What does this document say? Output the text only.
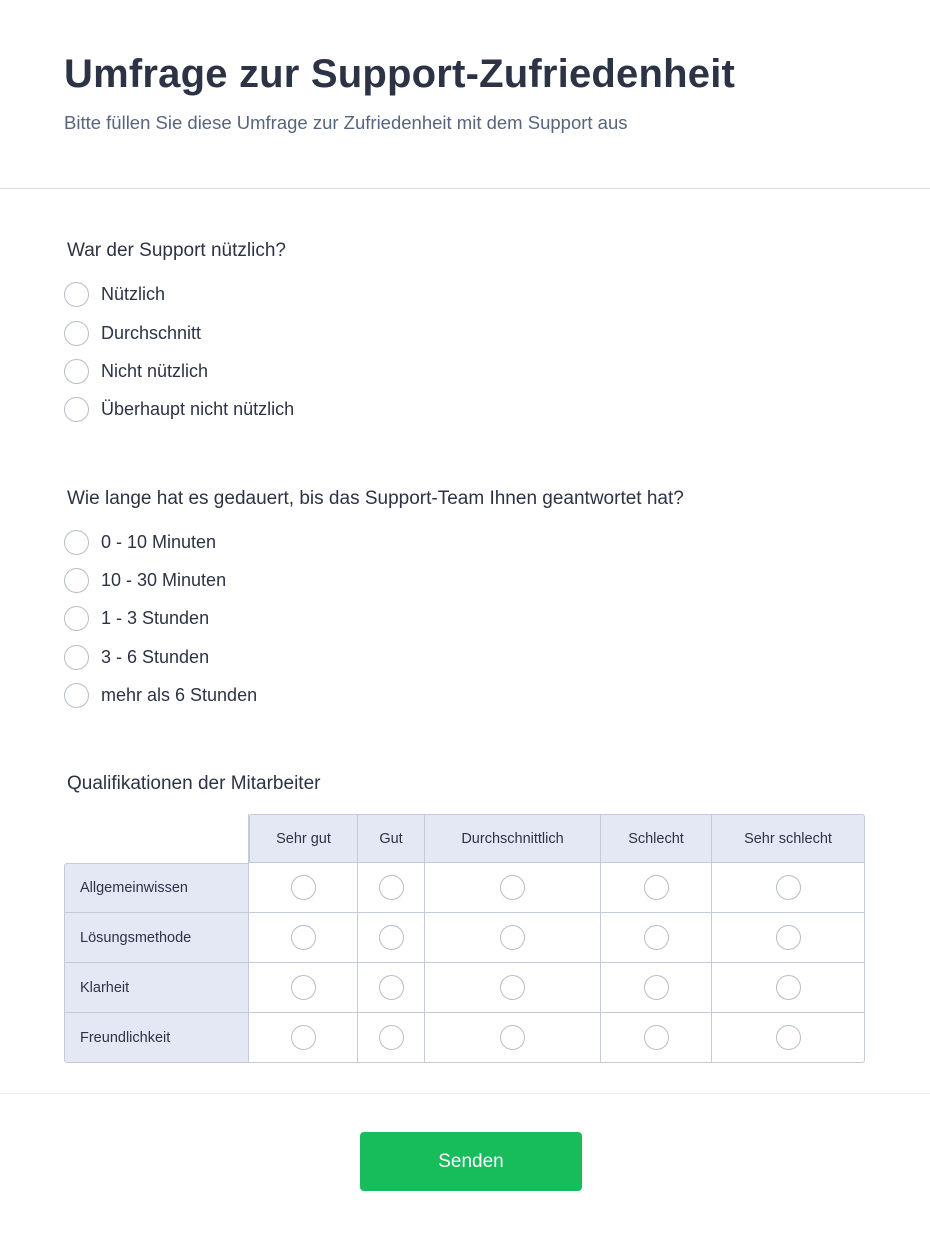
Umfrage zur Support-Zufriedenheit
Bitte füllen Sie diese Umfrage zur Zufriedenheit mit dem Support aus
War der Support nützlich?
Nützlich
Durchschnitt
Nicht nützlich
Überhaupt nicht nützlich
Wie lange hat es gedauert, bis das Support-Team Ihnen geantwortet hat?
0 - 10 Minuten
10 - 30 Minuten
1 - 3 Stunden
3 - 6 Stunden
mehr als 6 Stunden
Qualifikationen der Mitarbeiter
	Sehr gut	Gut	Durchschnittlich	Schlecht	Sehr schlecht
Allgemeinwissen					
Lösungsmethode					
Klarheit					
Freundlichkeit					
Senden
